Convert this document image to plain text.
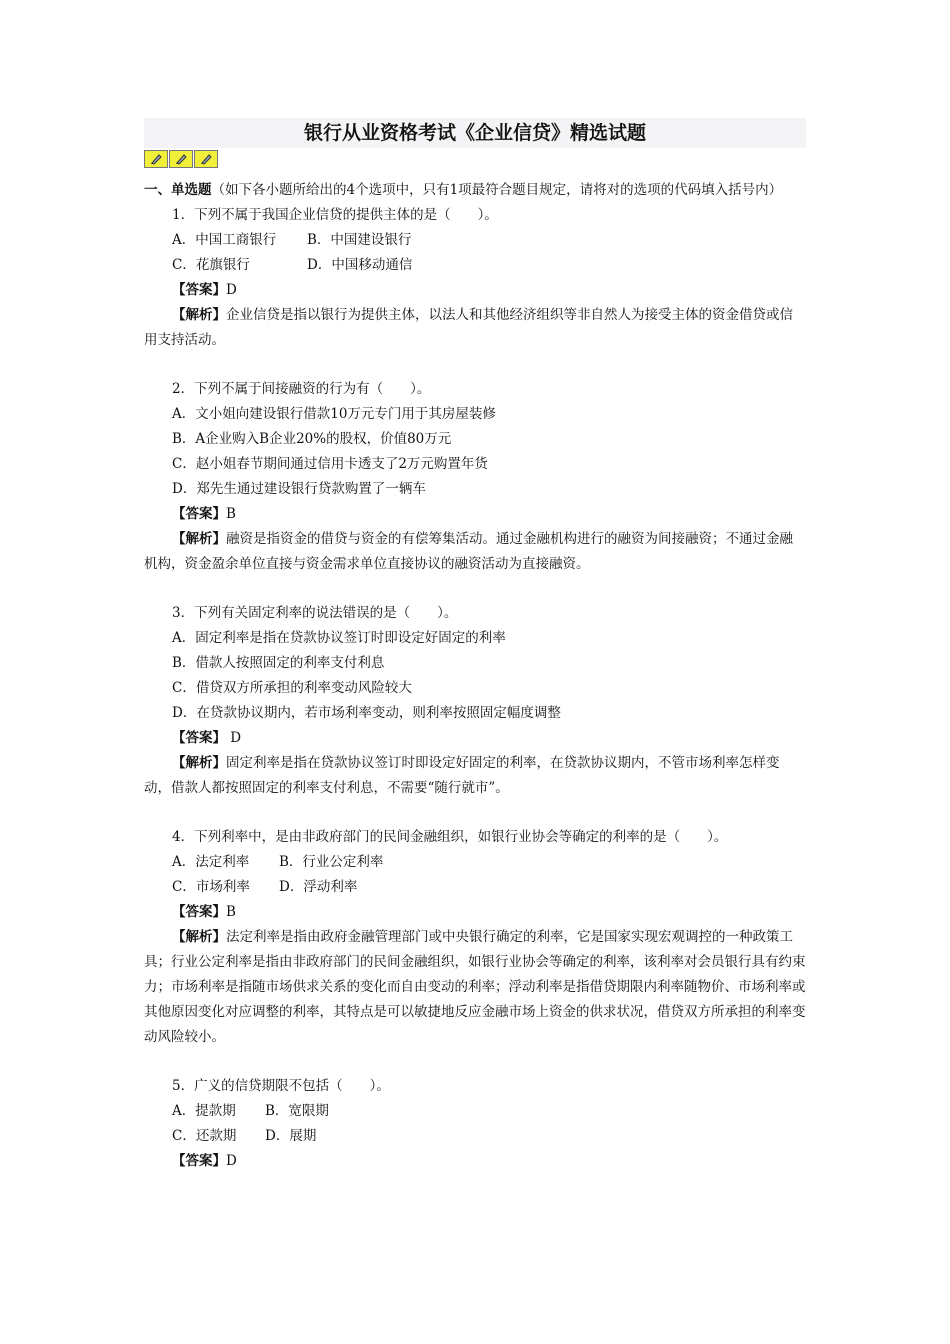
银行从业资格考试《企业信贷》精选试题
一、单选题（如下各小题所给出的4个选项中，只有1项最符合题目规定，请将对的选项的代码填入括号内）
1．下列不属于我国企业信贷的提供主体的是（　　）。
A．中国工商银行	B．中国建设银行
C．花旗银行	D．中国移动通信
【答案】D
【解析】企业信贷是指以银行为提供主体，以法人和其他经济组织等非自然人为接受主体的资金借贷或信用支持活动。
2．下列不属于间接融资的行为有（　　）。
A．文小姐向建设银行借款10万元专门用于其房屋装修
B．A企业购入B企业20%的股权，价值80万元
C．赵小姐春节期间通过信用卡透支了2万元购置年货
D．郑先生通过建设银行贷款购置了一辆车
【答案】B
【解析】融资是指资金的借贷与资金的有偿筹集活动。通过金融机构进行的融资为间接融资；不通过金融机构，资金盈余单位直接与资金需求单位直接协议的融资活动为直接融资。
3．下列有关固定利率的说法错误的是（　　）。
A．固定利率是指在贷款协议签订时即设定好固定的利率
B．借款人按照固定的利率支付利息
C．借贷双方所承担的利率变动风险较大
D．在贷款协议期内，若市场利率变动，则利率按照固定幅度调整
【答案】 D
【解析】固定利率是指在贷款协议签订时即设定好固定的利率，在贷款协议期内，不管市场利率怎样变动，借款人都按照固定的利率支付利息，不需要“随行就市”。
4．下列利率中，是由非政府部门的民间金融组织，如银行业协会等确定的利率的是（　　）。
A．法定利率	B．行业公定利率
C．市场利率	D．浮动利率
【答案】B
【解析】法定利率是指由政府金融管理部门或中央银行确定的利率，它是国家实现宏观调控的一种政策工具；行业公定利率是指由非政府部门的民间金融组织，如银行业协会等确定的利率，该利率对会员银行具有约束力；市场利率是指随市场供求关系的变化而自由变动的利率；浮动利率是指借贷期限内利率随物价、市场利率或其他原因变化对应调整的利率，其特点是可以敏捷地反应金融市场上资金的供求状况，借贷双方所承担的利率变动风险较小。
5．广义的信贷期限不包括（　　）。
A．提款期	B．宽限期
C．还款期	D．展期
【答案】D
